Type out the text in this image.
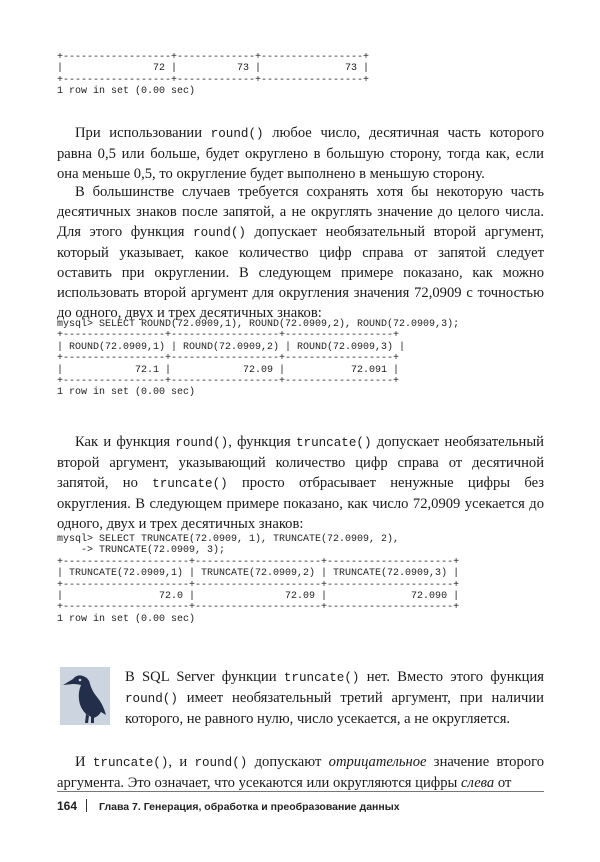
+------------------+-------------+-----------------+
|               72 |          73 |              73 |
+------------------+-------------+-----------------+
1 row in set (0.00 sec)

При использовании round() любое число, десятичная часть которого равна 0,5 или больше, будет округлено в большую сторону, тогда как, если она меньше 0,5, то округление будет выполнено в меньшую сторону.

В большинстве случаев требуется сохранять хотя бы некоторую часть десятичных знаков после запятой, а не округлять значение до целого числа. Для этого функция round() допускает необязательный второй аргумент, который указывает, какое количество цифр справа от запятой следует оставить при округлении. В следующем примере показано, как можно использовать второй аргумент для округления значения 72,0909 с точностью до одного, двух и трех десятичных знаков:

mysql> SELECT ROUND(72.0909,1), ROUND(72.0909,2), ROUND(72.0909,3);
+-----------------+------------------+------------------+
| ROUND(72.0909,1) | ROUND(72.0909,2) | ROUND(72.0909,3) |
+-----------------+------------------+------------------+
|            72.1 |            72.09 |           72.091 |
+-----------------+------------------+------------------+
1 row in set (0.00 sec)

Как и функция round(), функция truncate() допускает необязательный второй аргумент, указывающий количество цифр справа от десятичной запятой, но truncate() просто отбрасывает ненужные цифры без округления. В следующем примере показано, как число 72,0909 усекается до одного, двух и трех десятичных знаков:

mysql> SELECT TRUNCATE(72.0909, 1), TRUNCATE(72.0909, 2),
-> TRUNCATE(72.0909, 3);
+---------------------+---------------------+---------------------+
| TRUNCATE(72.0909,1) | TRUNCATE(72.0909,2) | TRUNCATE(72.0909,3) |
+---------------------+---------------------+---------------------+
|                72.0 |               72.09 |              72.090 |
+---------------------+---------------------+---------------------+
1 row in set (0.00 sec)

В SQL Server функции truncate() нет. Вместо этого функция round() имеет необязательный третий аргумент, при наличии которого, не равного нулю, число усекается, а не округляется.

И truncate(), и round() допускают отрицательное значение второго аргумента. Это означает, что усекаются или округляются цифры слева от

164 Глава 7. Генерация, обработка и преобразование данных
